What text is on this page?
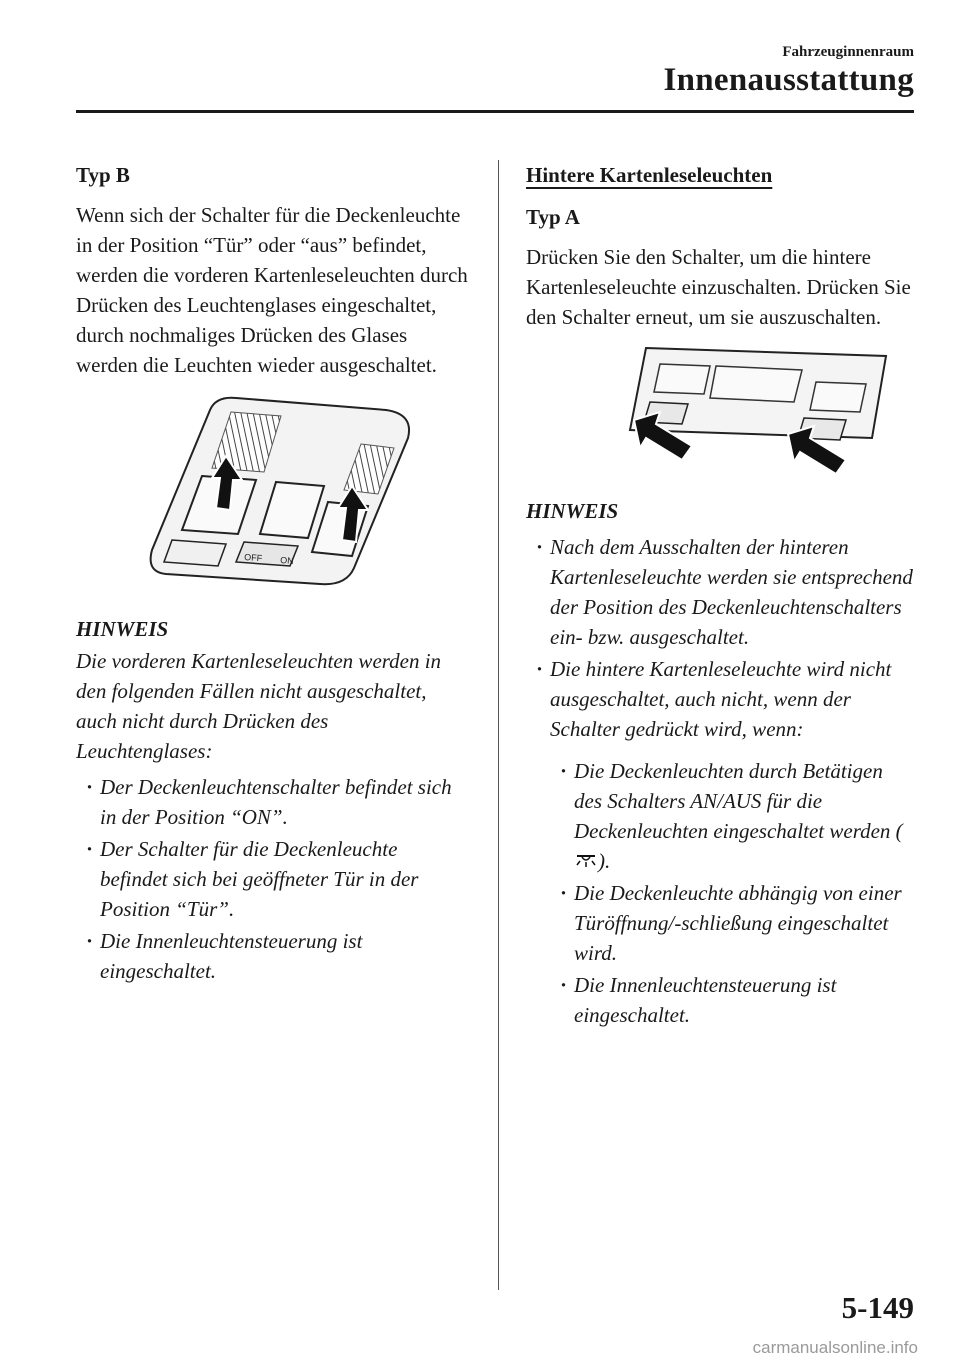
Fahrzeuginnenraum
Innenausstattung
Typ B

Wenn sich der Schalter für die Deckenleuchte in der Position “Tür” oder “aus” befindet, werden die vorderen Kartenleseleuchten durch Drücken des Leuchtenglases eingeschaltet, durch nochmaliges Drücken des Glases werden die Leuchten wieder ausgeschaltet.

OFF ON
HINWEIS
Die vorderen Kartenleseleuchten werden in den folgenden Fällen nicht ausgeschaltet, auch nicht durch Drücken des Leuchtenglases:
· Der Deckenleuchtenschalter befindet sich in der Position “ON”.
· Der Schalter für die Deckenleuchte befindet sich bei geöffneter Tür in der Position “Tür”.
· Die Innenleuchtensteuerung ist eingeschaltet.
Hintere Kartenleseleuchten
Typ A

Drücken Sie den Schalter, um die hintere Kartenleseleuchte einzuschalten. Drücken Sie den Schalter erneut, um sie auszuschalten.

HINWEIS
· Nach dem Ausschalten der hinteren Kartenleseleuchte werden sie entsprechend der Position des Deckenleuchtenschalters ein- bzw. ausgeschaltet.
· Die hintere Kartenleseleuchte wird nicht ausgeschaltet, auch nicht, wenn der Schalter gedrückt wird, wenn:
· Die Deckenleuchten durch Betätigen des Schalters AN/AUS für die Deckenleuchten eingeschaltet werden ().
· Die Deckenleuchte abhängig von einer Türöffnung/-schließung eingeschaltet wird.
· Die Innenleuchtensteuerung ist eingeschaltet.
5-149
carmanualsonline.info
